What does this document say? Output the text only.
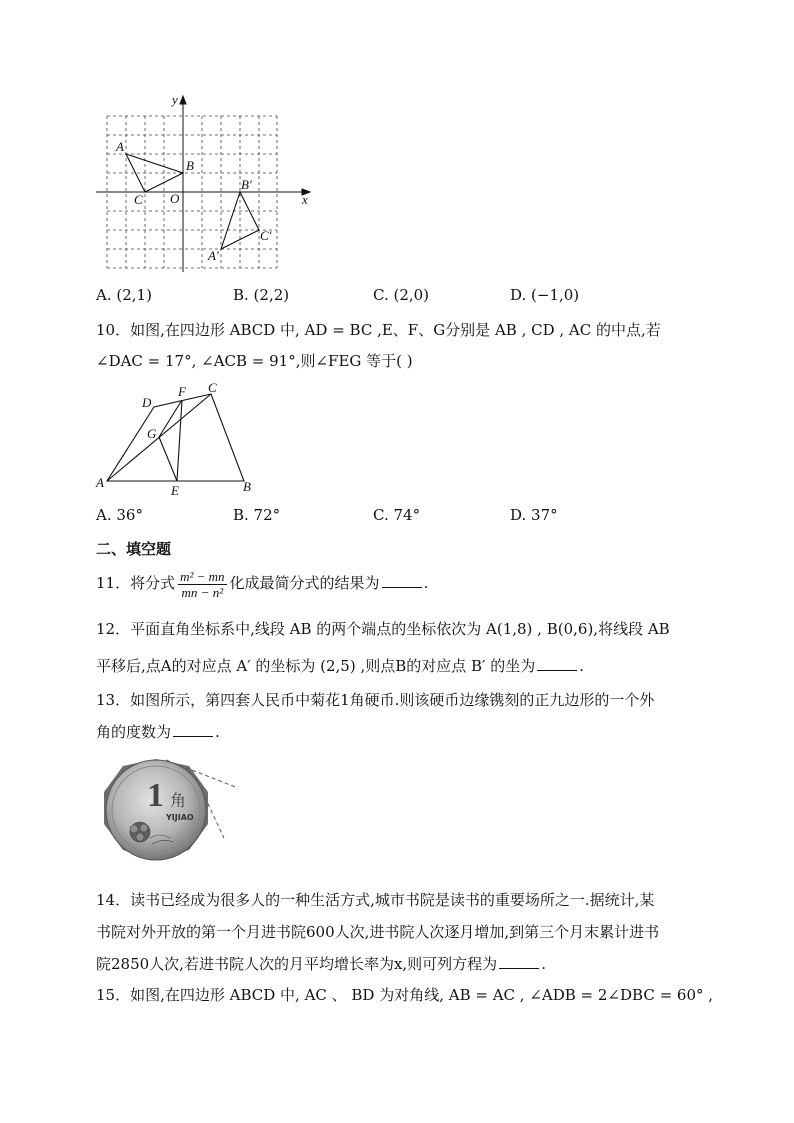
y
x
O
A
B
C
A′
B′
C′
A. (2,1)	B. (2,2)	C. (2,0)	D. (−1,0)
10．如图,在四边形 ABCD 中, AD = BC ,E、F、G分别是 AB , CD , AC 的中点,若
∠DAC = 17°, ∠ACB = 91°,则∠FEG 等于( )
A	B
C
D
E
F
G
A. 36°	B. 72°	C. 74°	D. 37°
二、填空题
11．将分式 $\frac{\text{m² − mn}}{\text{mn − n²}}$ 化成最简分式的结果为	.
12．平面直角坐标系中,线段 AB 的两个端点的坐标依次为 A(1,8) , B(0,6),将线段 AB
平移后,点A的对应点 A′ 的坐标为 (2,5) ,则点B的对应点 B′ 的坐为	.
13．如图所示，第四套人民币中菊花1角硬币.则该硬币边缘镌刻的正九边形的一个外
角的度数为	.
1 角
YIJIAO
14．读书已经成为很多人的一种生活方式,城市书院是读书的重要场所之一.据统计,某
书院对外开放的第一个月进书院600人次,进书院人次逐月增加,到第三个月末累计进书
院2850人次,若进书院人次的月平均增长率为x,则可列方程为	.
15．如图,在四边形 ABCD 中, AC 、 BD 为对角线, AB = AC , ∠ADB = 2∠DBC = 60° ,
